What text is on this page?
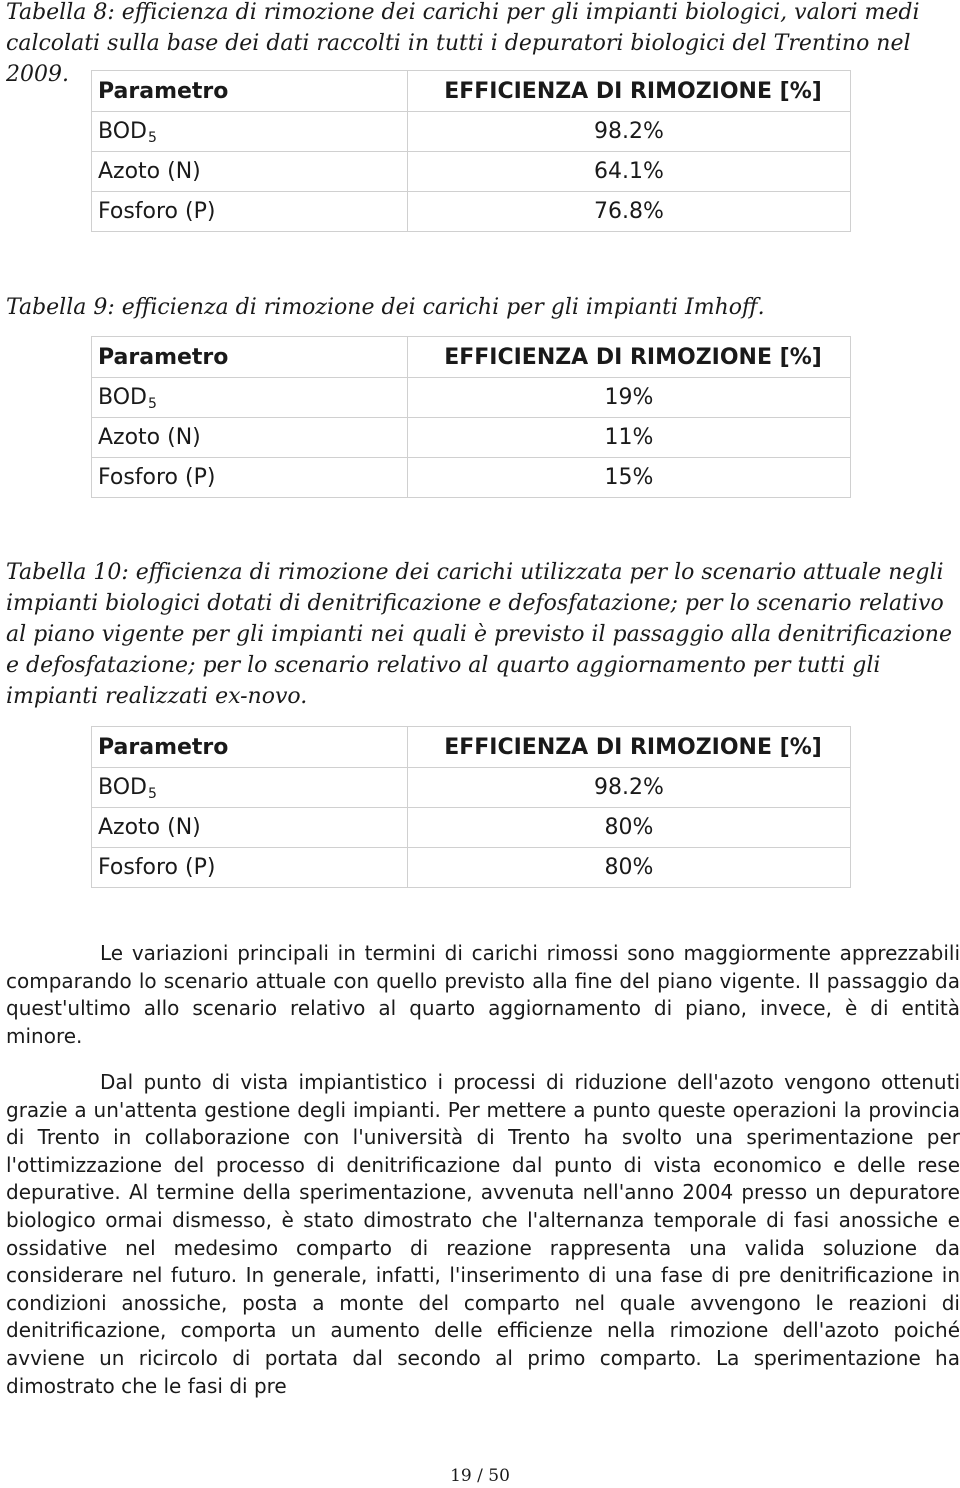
Tabella 8: efficienza di rimozione dei carichi per gli impianti biologici, valori medi calcolati sulla base dei dati raccolti in tutti i depuratori biologici del Trentino nel 2009.
Parametro	EFFICIENZA DI RIMOZIONE [%]
BOD5	98.2%
Azoto (N)	64.1%
Fosforo (P)	76.8%
Tabella 9: efficienza di rimozione dei carichi per gli impianti Imhoff.
Parametro	EFFICIENZA DI RIMOZIONE [%]
BOD5	19%
Azoto (N)	11%
Fosforo (P)	15%
Tabella 10: efficienza di rimozione dei carichi utilizzata per lo scenario attuale negli impianti biologici dotati di denitrificazione e defosfatazione; per lo scenario relativo al piano vigente per gli impianti nei quali è previsto il passaggio alla denitrificazione e defosfatazione; per lo scenario relativo al quarto aggiornamento per tutti gli impianti realizzati ex-novo.
Parametro	EFFICIENZA DI RIMOZIONE [%]
BOD5	98.2%
Azoto (N)	80%
Fosforo (P)	80%
Le variazioni principali in termini di carichi rimossi sono maggiormente apprezzabili comparando lo scenario attuale con quello previsto alla fine del piano vigente. Il passaggio da quest'ultimo allo scenario relativo al quarto aggiornamento di piano, invece, è di entità minore.
Dal punto di vista impiantistico i processi di riduzione dell'azoto vengono ottenuti grazie a un'attenta gestione degli impianti. Per mettere a punto queste operazioni la provincia di Trento in collaborazione con l'università di Trento ha svolto una sperimentazione per l'ottimizzazione del processo di denitrificazione dal punto di vista economico e delle rese depurative. Al termine della sperimentazione, avvenuta nell'anno 2004 presso un depuratore biologico ormai dismesso, è stato dimostrato che l'alternanza temporale di fasi anossiche e ossidative nel medesimo comparto di reazione rappresenta una valida soluzione da considerare nel futuro. In generale, infatti, l'inserimento di una fase di pre denitrificazione in condizioni anossiche, posta a monte del comparto nel quale avvengono le reazioni di denitrificazione, comporta un aumento delle efficienze nella rimozione dell'azoto poiché avviene un ricircolo di portata dal secondo al primo comparto. La sperimentazione ha dimostrato che le fasi di pre
19 / 50
